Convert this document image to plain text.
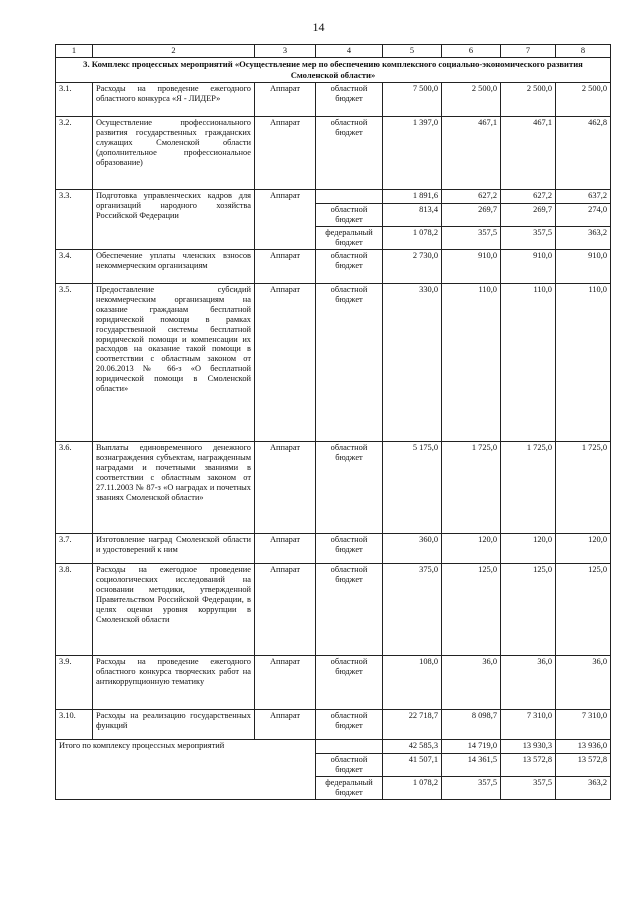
14
1	2	3	4	5	6	7	8
3. Комплекс процессных мероприятий «Осуществление мер по обеспечению комплексного социально-экономического развития Смоленской области»							
3.1.	Расходы на проведение ежегодного областного конкурса «Я - ЛИДЕР»	Аппарат	областной бюджет	7 500,0	2 500,0	2 500,0	2 500,0
3.2.	Осуществление профессионального развития государственных гражданских служащих Смоленской области (дополнительное профессиональное образование)	Аппарат	областной бюджет	1 397,0	467,1	467,1	462,8
3.3.	Подготовка управленческих кадров для организаций народного хозяйства Российской Федерации	Аппарат		1 891,6	627,2	627,2	637,2
			областной бюджет	813,4	269,7	269,7	274,0
			федеральный бюджет	1 078,2	357,5	357,5	363,2
3.4.	Обеспечение уплаты членских взносов некоммерческим организациям	Аппарат	областной бюджет	2 730,0	910,0	910,0	910,0
3.5.	Предоставление субсидий некоммерческим организациям на оказание гражданам бесплатной юридической помощи в рамках государственной системы бесплатной юридической помощи и компенсации их расходов на оказание такой помощи в соответствии с областным законом от 20.06.2013 № 66-з «О бесплатной юридической помощи в Смоленской области»	Аппарат	областной бюджет	330,0	110,0	110,0	110,0
3.6.	Выплаты единовременного денежного вознаграждения субъектам, награжденным наградами и почетными званиями в соответствии с областным законом от 27.11.2003 № 87-з «О наградах и почетных званиях Смоленской области»	Аппарат	областной бюджет	5 175,0	1 725,0	1 725,0	1 725,0
3.7.	Изготовление наград Смоленской области и удостоверений к ним	Аппарат	областной бюджет	360,0	120,0	120,0	120,0
3.8.	Расходы на ежегодное проведение социологических исследований на основании методики, утвержденной Правительством Российской Федерации, в целях оценки уровня коррупции в Смоленской области	Аппарат	областной бюджет	375,0	125,0	125,0	125,0
3.9.	Расходы на проведение ежегодного областного конкурса творческих работ на антикоррупционную тематику	Аппарат	областной бюджет	108,0	36,0	36,0	36,0
3.10.	Расходы на реализацию государственных функций	Аппарат	областной бюджет	22 718,7	8 098,7	7 310,0	7 310,0
Итого по комплексу процессных мероприятий				42 585,3	14 719,0	13 930,3	13 936,0
			областной бюджет	41 507,1	14 361,5	13 572,8	13 572,8
			федеральный бюджет	1 078,2	357,5	357,5	363,2
